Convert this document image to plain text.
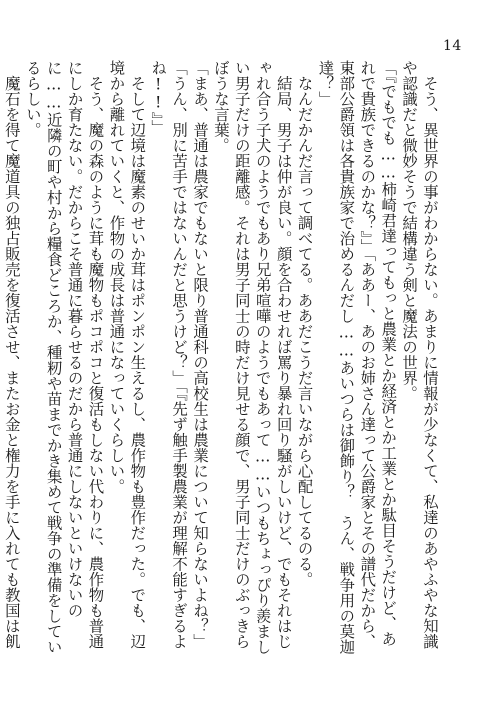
14

　そう、異世界の事がわからない。あまりに情報が少なくて、私達のあやふやな知識や認識だと微妙そうで結構違う剣と魔法の世界。

「『でもでも……柿崎君達ってもっと農業とか経済とか工業とか駄目そうだけど、あれで貴族できるのかな？』」「ああー、あのお姉さん達って公爵家とその譜代だから、東部公爵領は各貴族家で治めるんだし……あいつらは御飾り？　うん、戦争用の莫迦達？」

　なんだかんだ言って調べてる。ああだこうだ言いながら心配してるのる。

　結局、男子は仲が良い。顔を合わせれば罵り暴れ回り騒がしいけど、でもそれはじゃれ合う子犬のようでもあり兄弟喧嘩のようでもあって……いつもちょっぴり羨ましい男子だけの距離感。それは男子同士の時だけ見せる顔で、男子同士だけのぶっきらぼうな言葉。

「まあ、普通は農家でもないと限り普通科の高校生は農業について知らないよね？」「うん、別に苦手ではないんだと思うけど？」「『先ず触手製農業が理解不能すぎるよね!!』」

　そして辺境は魔素のせいか茸はポンポン生えるし、農作物も豊作だった。でも、辺境から離れていくと、作物の成長は普通になっていくらしい。

　そう、魔の森のように茸も魔物もポコポコと復活もしない代わりに、農作物も普通にしか育たない。だからこそ普通に暮らせるのだから普通にしないといけないのに……近隣の町や村から糧食どころか、種籾や苗までかき集めて戦争の準備をしているらしい。

　魔石を得て魔道具の独占販売を復活させ、またお金と権力を手に入れても教国は飢
